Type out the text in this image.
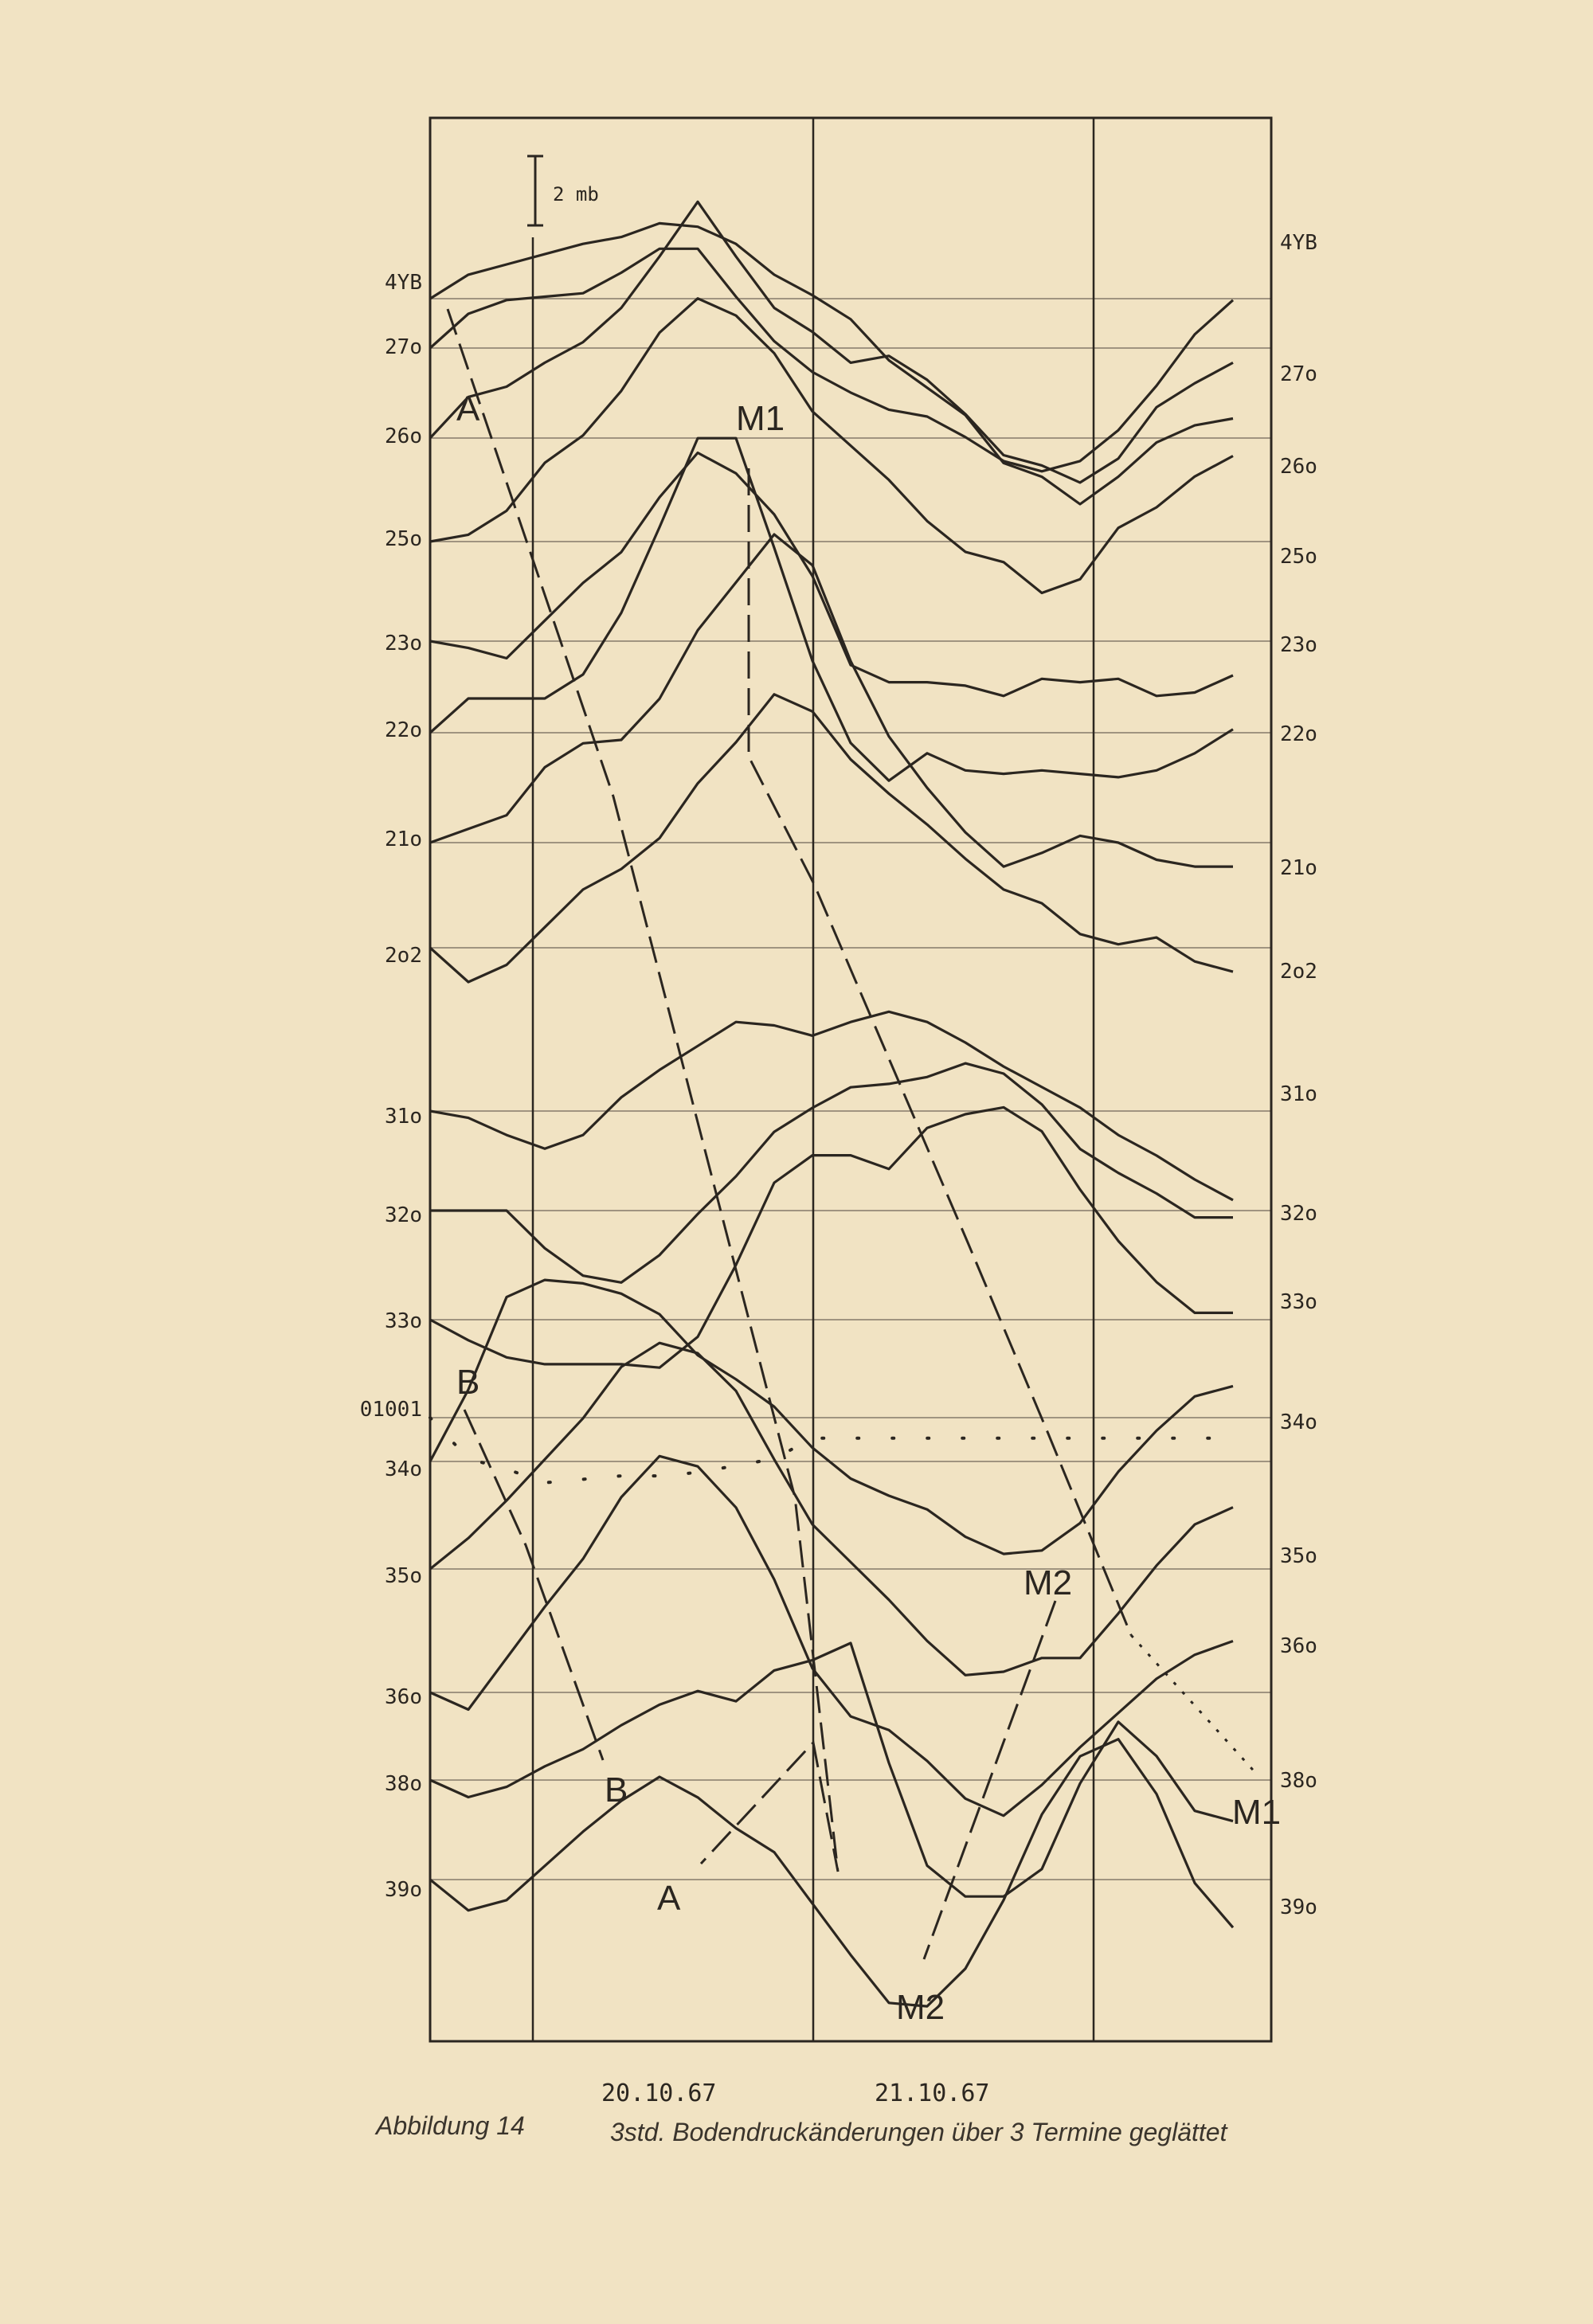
2 mb
A
A
M1
M1
M2
M2
B
B
4YB
27o
26o
25o
23o
22o
21o
2o2
31o
32o
33o
01001
34o
35o
36o
38o
39o
4YB
27o
26o
25o
23o
22o
21o
2o2
31o
32o
33o
34o
35o
36o
38o
39o
20.10.67	21.10.67
Abbildung 14	3std. Bodendruckänderungen über 3 Termine geglättet
